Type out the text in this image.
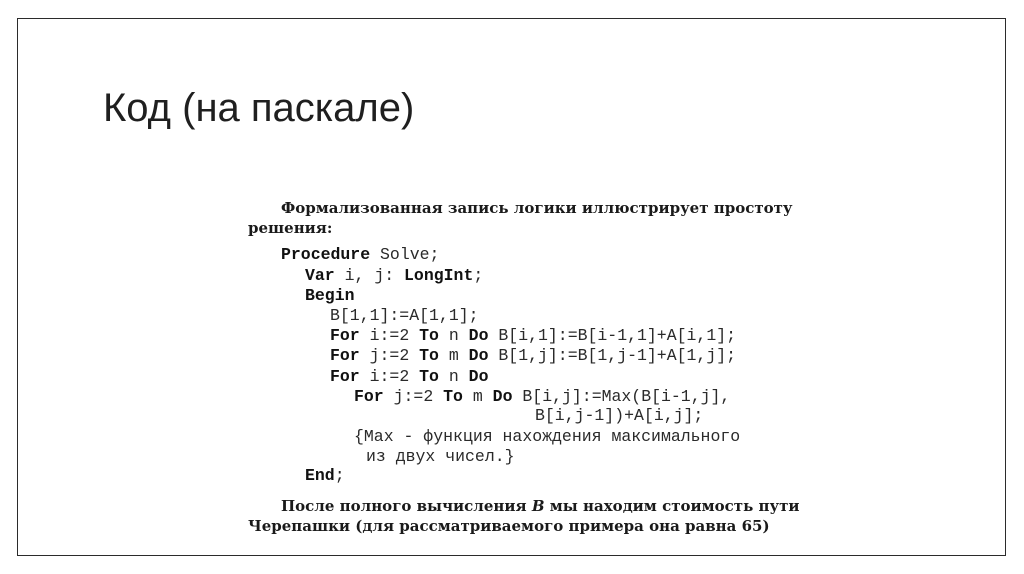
Код (на паскале)
Формализованная запись логики иллюстрирует простоту
решения:
Procedure Solve;
Var i, j: LongInt;
Begin
B[1,1]:=A[1,1];
For i:=2 To n Do B[i,1]:=B[i-1,1]+A[i,1];
For j:=2 To m Do B[1,j]:=B[1,j-1]+A[1,j];
For i:=2 To n Do
For j:=2 To m Do B[i,j]:=Max(B[i-1,j],
B[i,j-1])+A[i,j];
{Max - функция нахождения максимального
из двух чисел.}
End;
После полного вычисления B мы находим стоимость пути
Черепашки (для рассматриваемого примера она равна 65)
